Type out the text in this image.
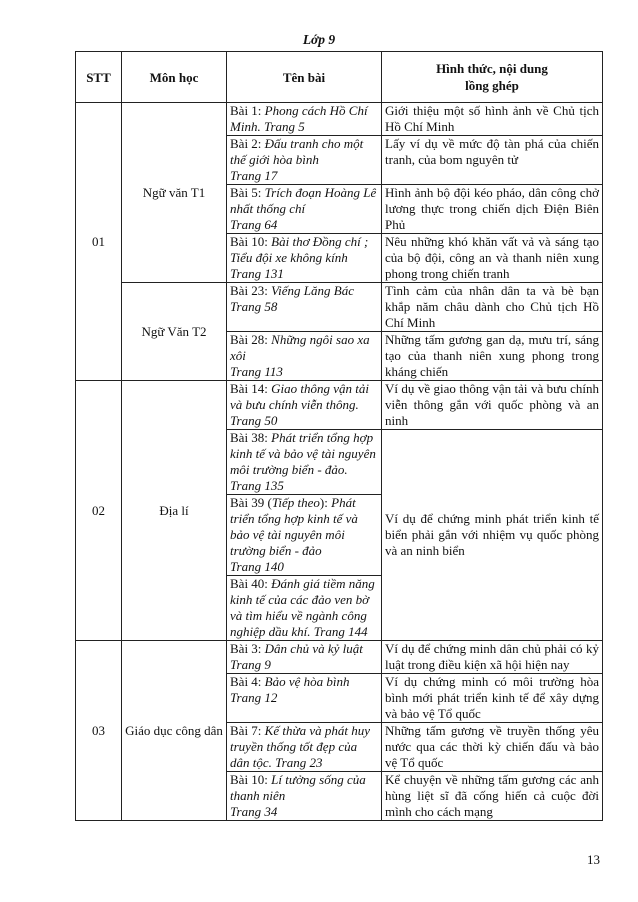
Lớp 9
STT	Môn học	Tên bài	Hình thức, nội dung
lồng ghép
01	Ngữ văn T1	Bài 1: Phong cách Hồ Chí Minh. Trang 5	Giới thiệu một số hình ảnh về Chủ tịch Hồ Chí Minh
		Bài 2: Đấu tranh cho một thế giới hòa bình
Trang 17	Lấy ví dụ về mức độ tàn phá của chiến tranh, của bom nguyên tử
		Bài 5: Trích đoạn Hoàng Lê nhất thống chí
Trang 64	Hình ảnh bộ đội kéo pháo, dân công chở lương thực trong chiến dịch Điện Biên Phủ
		Bài 10: Bài thơ Đồng chí ; Tiểu đội xe không kính
Trang 131	Nêu những khó khăn vất vả và sáng tạo của bộ đội, công an và thanh niên xung phong trong chiến tranh
	Ngữ Văn T2	Bài 23: Viếng Lăng Bác
Trang 58	Tình cảm của nhân dân ta và bè bạn khắp năm châu dành cho Chủ tịch Hồ Chí Minh
		Bài 28: Những ngôi sao xa xôi
Trang 113	Những tấm gương gan dạ, mưu trí, sáng tạo của thanh niên xung phong trong kháng chiến
02	Địa lí	Bài 14: Giao thông vận tải và bưu chính viễn thông. Trang 50	Ví dụ về giao thông vận tải và bưu chính viễn thông gắn với quốc phòng và an ninh
		Bài 38: Phát triển tổng hợp kinh tế và bảo vệ tài nguyên môi trường biển - đảo. Trang 135	Ví dụ để chứng minh phát triển kinh tế biển phải gắn với nhiệm vụ quốc phòng và an ninh biển
		Bài 39 (Tiếp theo): Phát triển tổng hợp kinh tế và bảo vệ tài nguyên môi trường biển - đảo
Trang 140	
		Bài 40: Đánh giá tiềm năng kinh tế của các đảo ven bờ và tìm hiểu về ngành công nghiệp dầu khí. Trang 144	
03	Giáo dục công dân	Bài 3: Dân chủ và kỷ luật
Trang 9	Ví dụ để chứng minh dân chủ phải có kỷ luật trong điều kiện xã hội hiện nay
		Bài 4: Bảo vệ hòa bình
Trang 12	Ví dụ chứng minh có môi trường hòa bình mới phát triển kinh tế để xây dựng và bảo vệ Tổ quốc
		Bài 7: Kế thừa và phát huy truyền thống tốt đẹp của dân tộc. Trang 23	Những tấm gương về truyền thống yêu nước qua các thời kỳ chiến đấu và bảo vệ Tổ quốc
		Bài 10: Lí tưởng sống của thanh niên
Trang 34	Kể chuyện về những tấm gương các anh hùng liệt sĩ đã cống hiến cả cuộc đời mình cho cách mạng
13
